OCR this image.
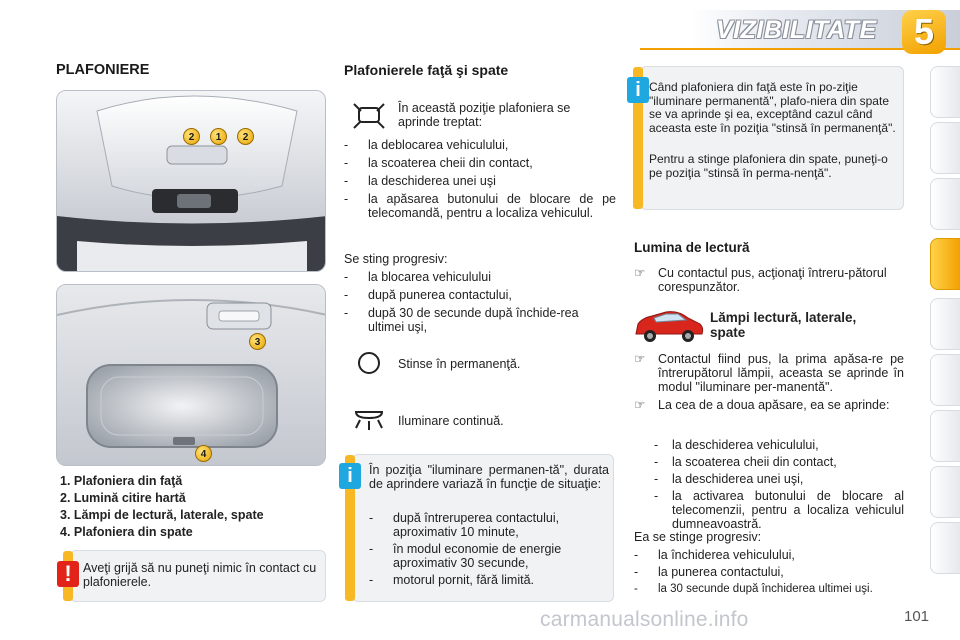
VIZIBILITATE	5
PLAFONIERE
2	1	2
3
4
1. Plafoniera din faţă
2. Lumină citire hartă
3. Lămpi de lectură, laterale, spate
4. Plafoniera din spate
! Aveţi grijă să nu puneţi nimic în contact cu plafonierele.
Plafonierele faţă şi spate
În această poziţie plafoniera se aprinde treptat:
- la deblocarea vehiculului,
- la scoaterea cheii din contact,
- la deschiderea unei uşi
- la apăsarea butonului de blocare de pe telecomandă, pentru a localiza vehiculul.
Se sting progresiv:
- la blocarea vehiculului
- după punerea contactului,
- după 30 de secunde după închide-rea ultimei uşi,
Stinse în permanenţă.
Iluminare continuă.
i	În poziţia "iluminare permanen-tă", durata de aprindere variază în funcţie de situaţie:
- după întreruperea contactului, aproximativ 10 minute,
- în modul economie de energie aproximativ 30 secunde,
- motorul pornit, fără limită.
i Când plafoniera din faţă este în po-ziţie "iluminare permanentă", plafo-niera din spate se va aprinde şi ea, exceptând cazul când aceasta este în poziţia "stinsă în permanenţă".
Pentru a stinge plafoniera din spate, puneţi-o pe poziţia "stinsă în perma-nenţă".
Lumina de lectură
☞ Cu contactul pus, acţionaţi întreru-pătorul corespunzător.
Lămpi lectură, laterale,
spate
☞ Contactul fiind pus, la prima apăsa-re pe întrerupătorul lămpii, aceasta se aprinde în modul "iluminare per-manentă".
☞ La cea de a doua apăsare, ea se aprinde:
- la deschiderea vehiculului,
- la scoaterea cheii din contact,
- la deschiderea unei uşi,
- la activarea butonului de blocare al telecomenzii, pentru a localiza vehiculul dumneavoastră.
Ea se stinge progresiv:
- la închiderea vehiculului,
- la punerea contactului,
- la 30 secunde după închiderea ultimei uşi.
carmanualsonline.info	101
